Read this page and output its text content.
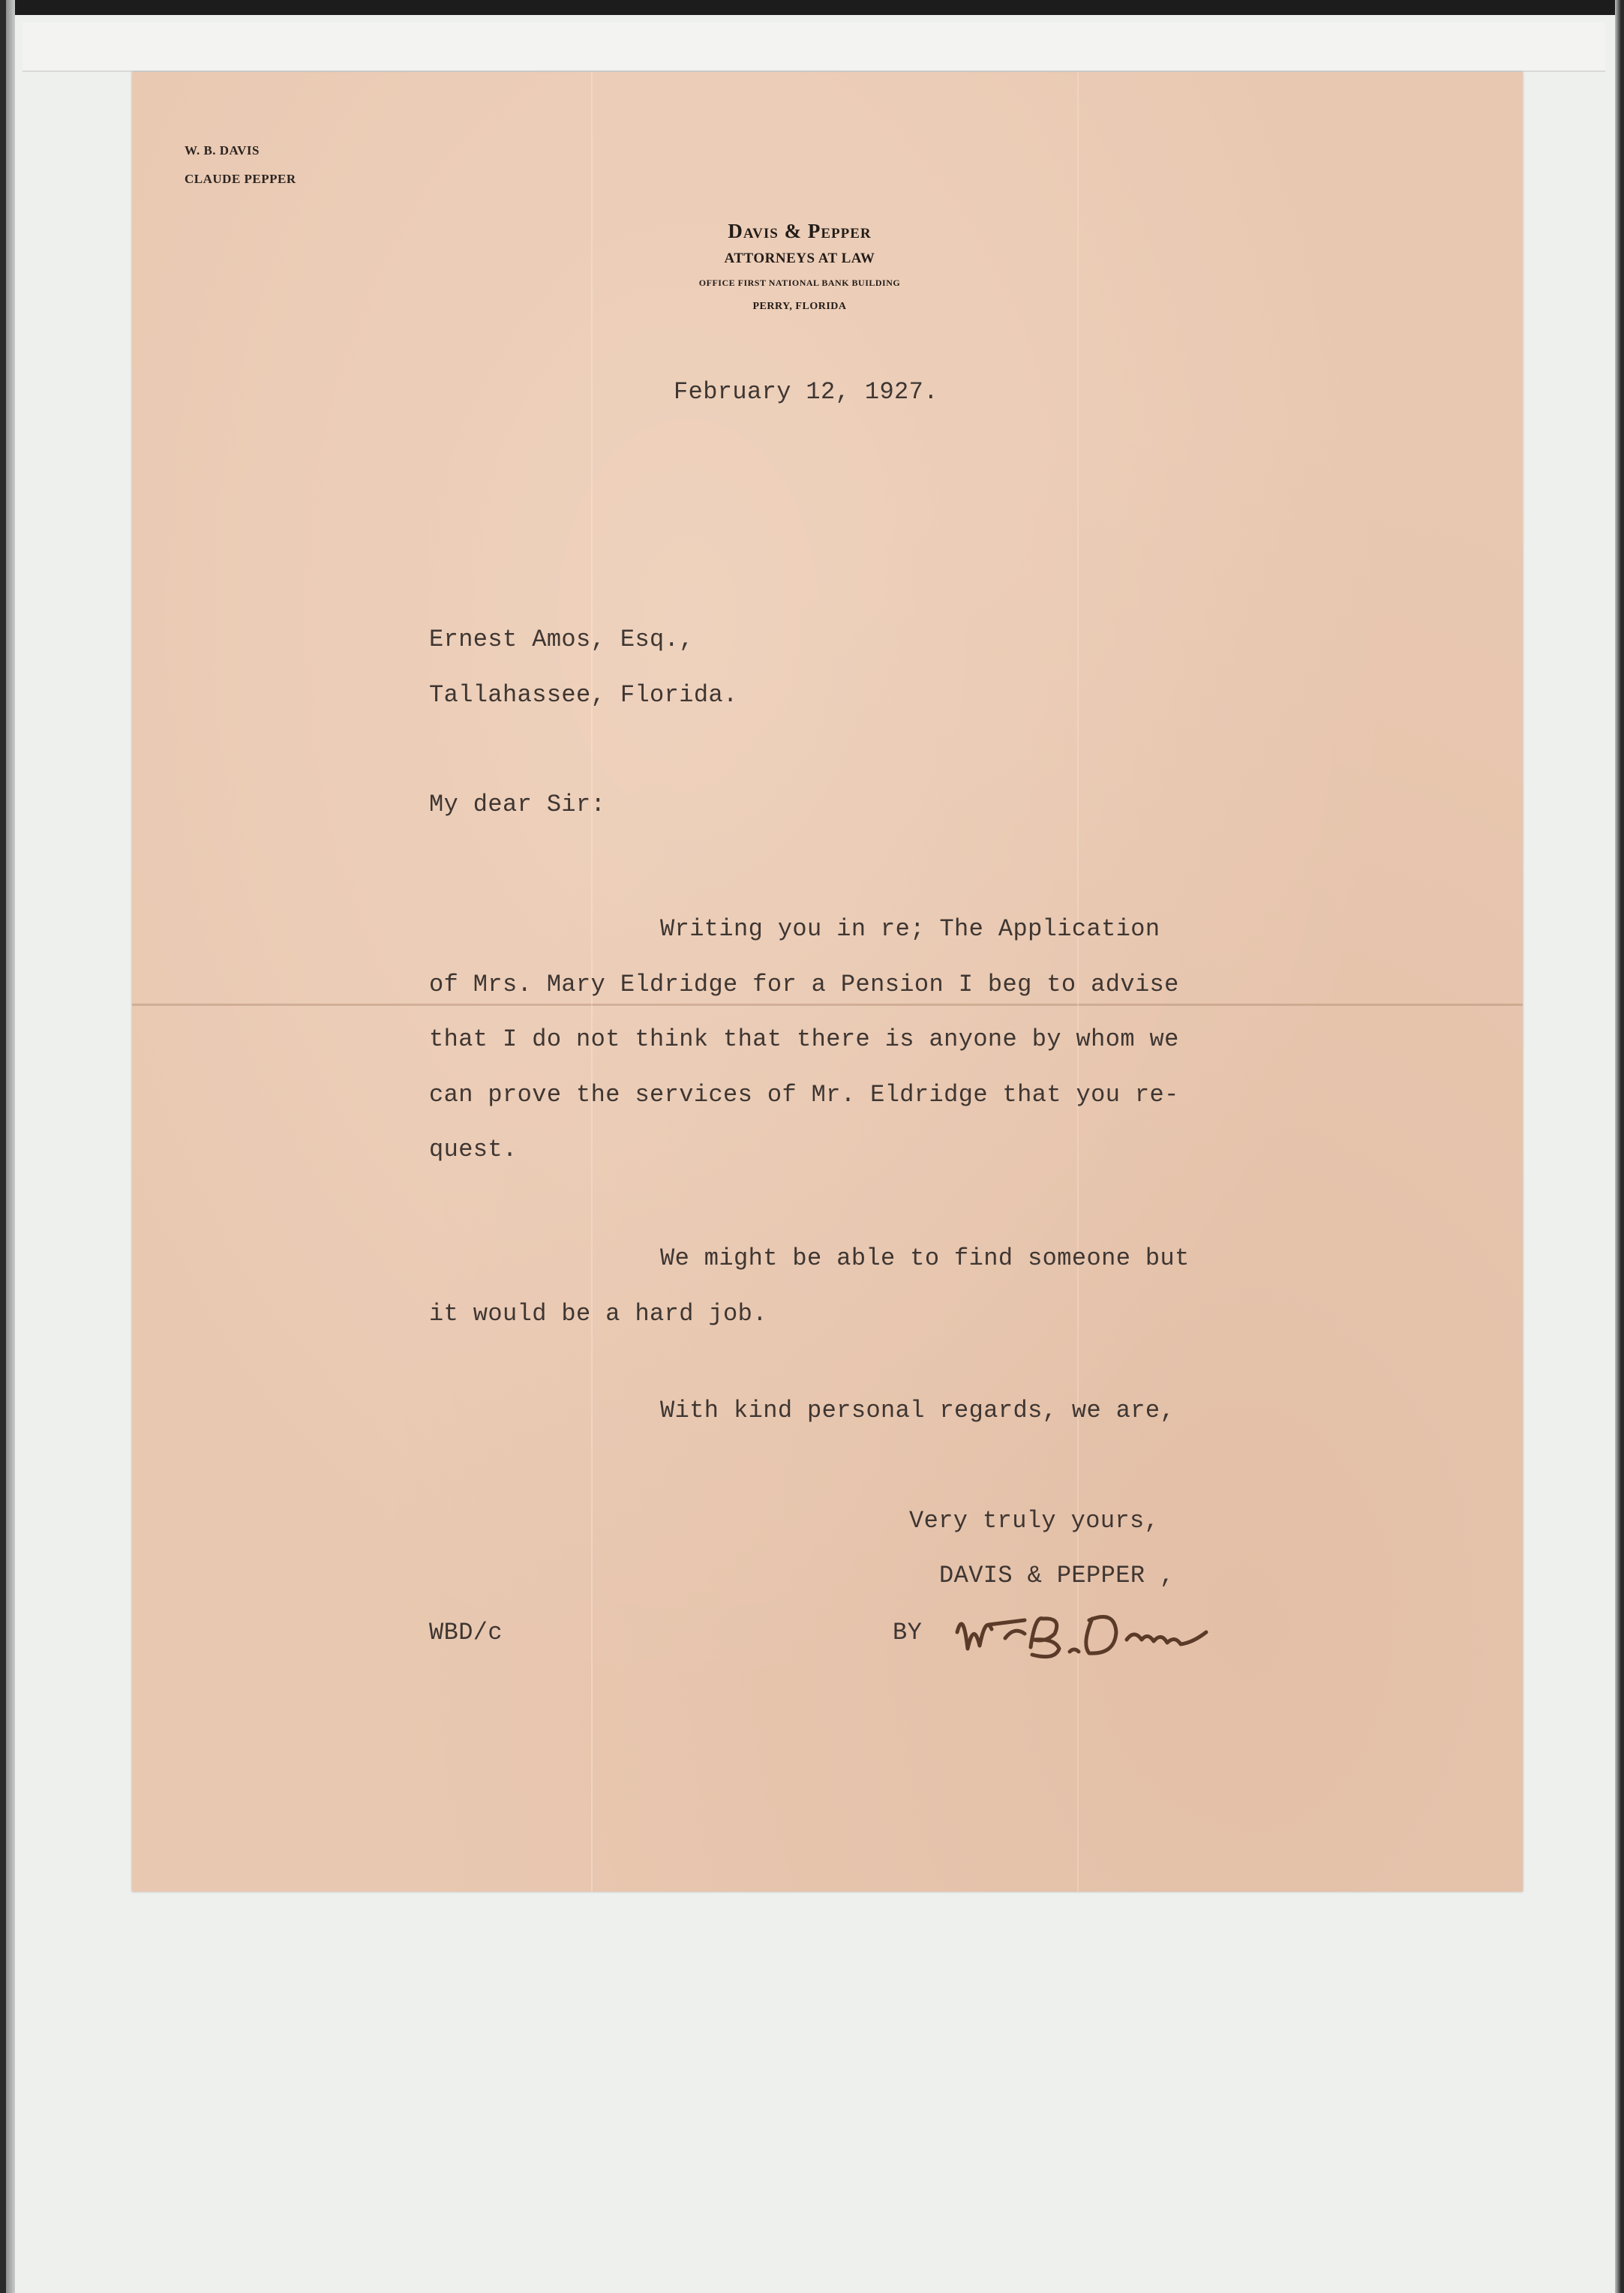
W. B. DAVIS
CLAUDE PEPPER
Davis & Pepper
ATTORNEYS AT LAW
OFFICE FIRST NATIONAL BANK BUILDING
PERRY, FLORIDA
February 12, 1927.
Ernest Amos, Esq.,
Tallahassee, Florida.
My dear Sir:
Writing you in re; The Application
of Mrs. Mary Eldridge for a Pension I beg to advise
that I do not think that there is anyone by whom we
can prove the services of Mr. Eldridge that you re-
quest.
We might be able to find someone but
it would be a hard job.
With kind personal regards, we are,
Very truly yours,
DAVIS & PEPPER ,
BY
WBD/c
